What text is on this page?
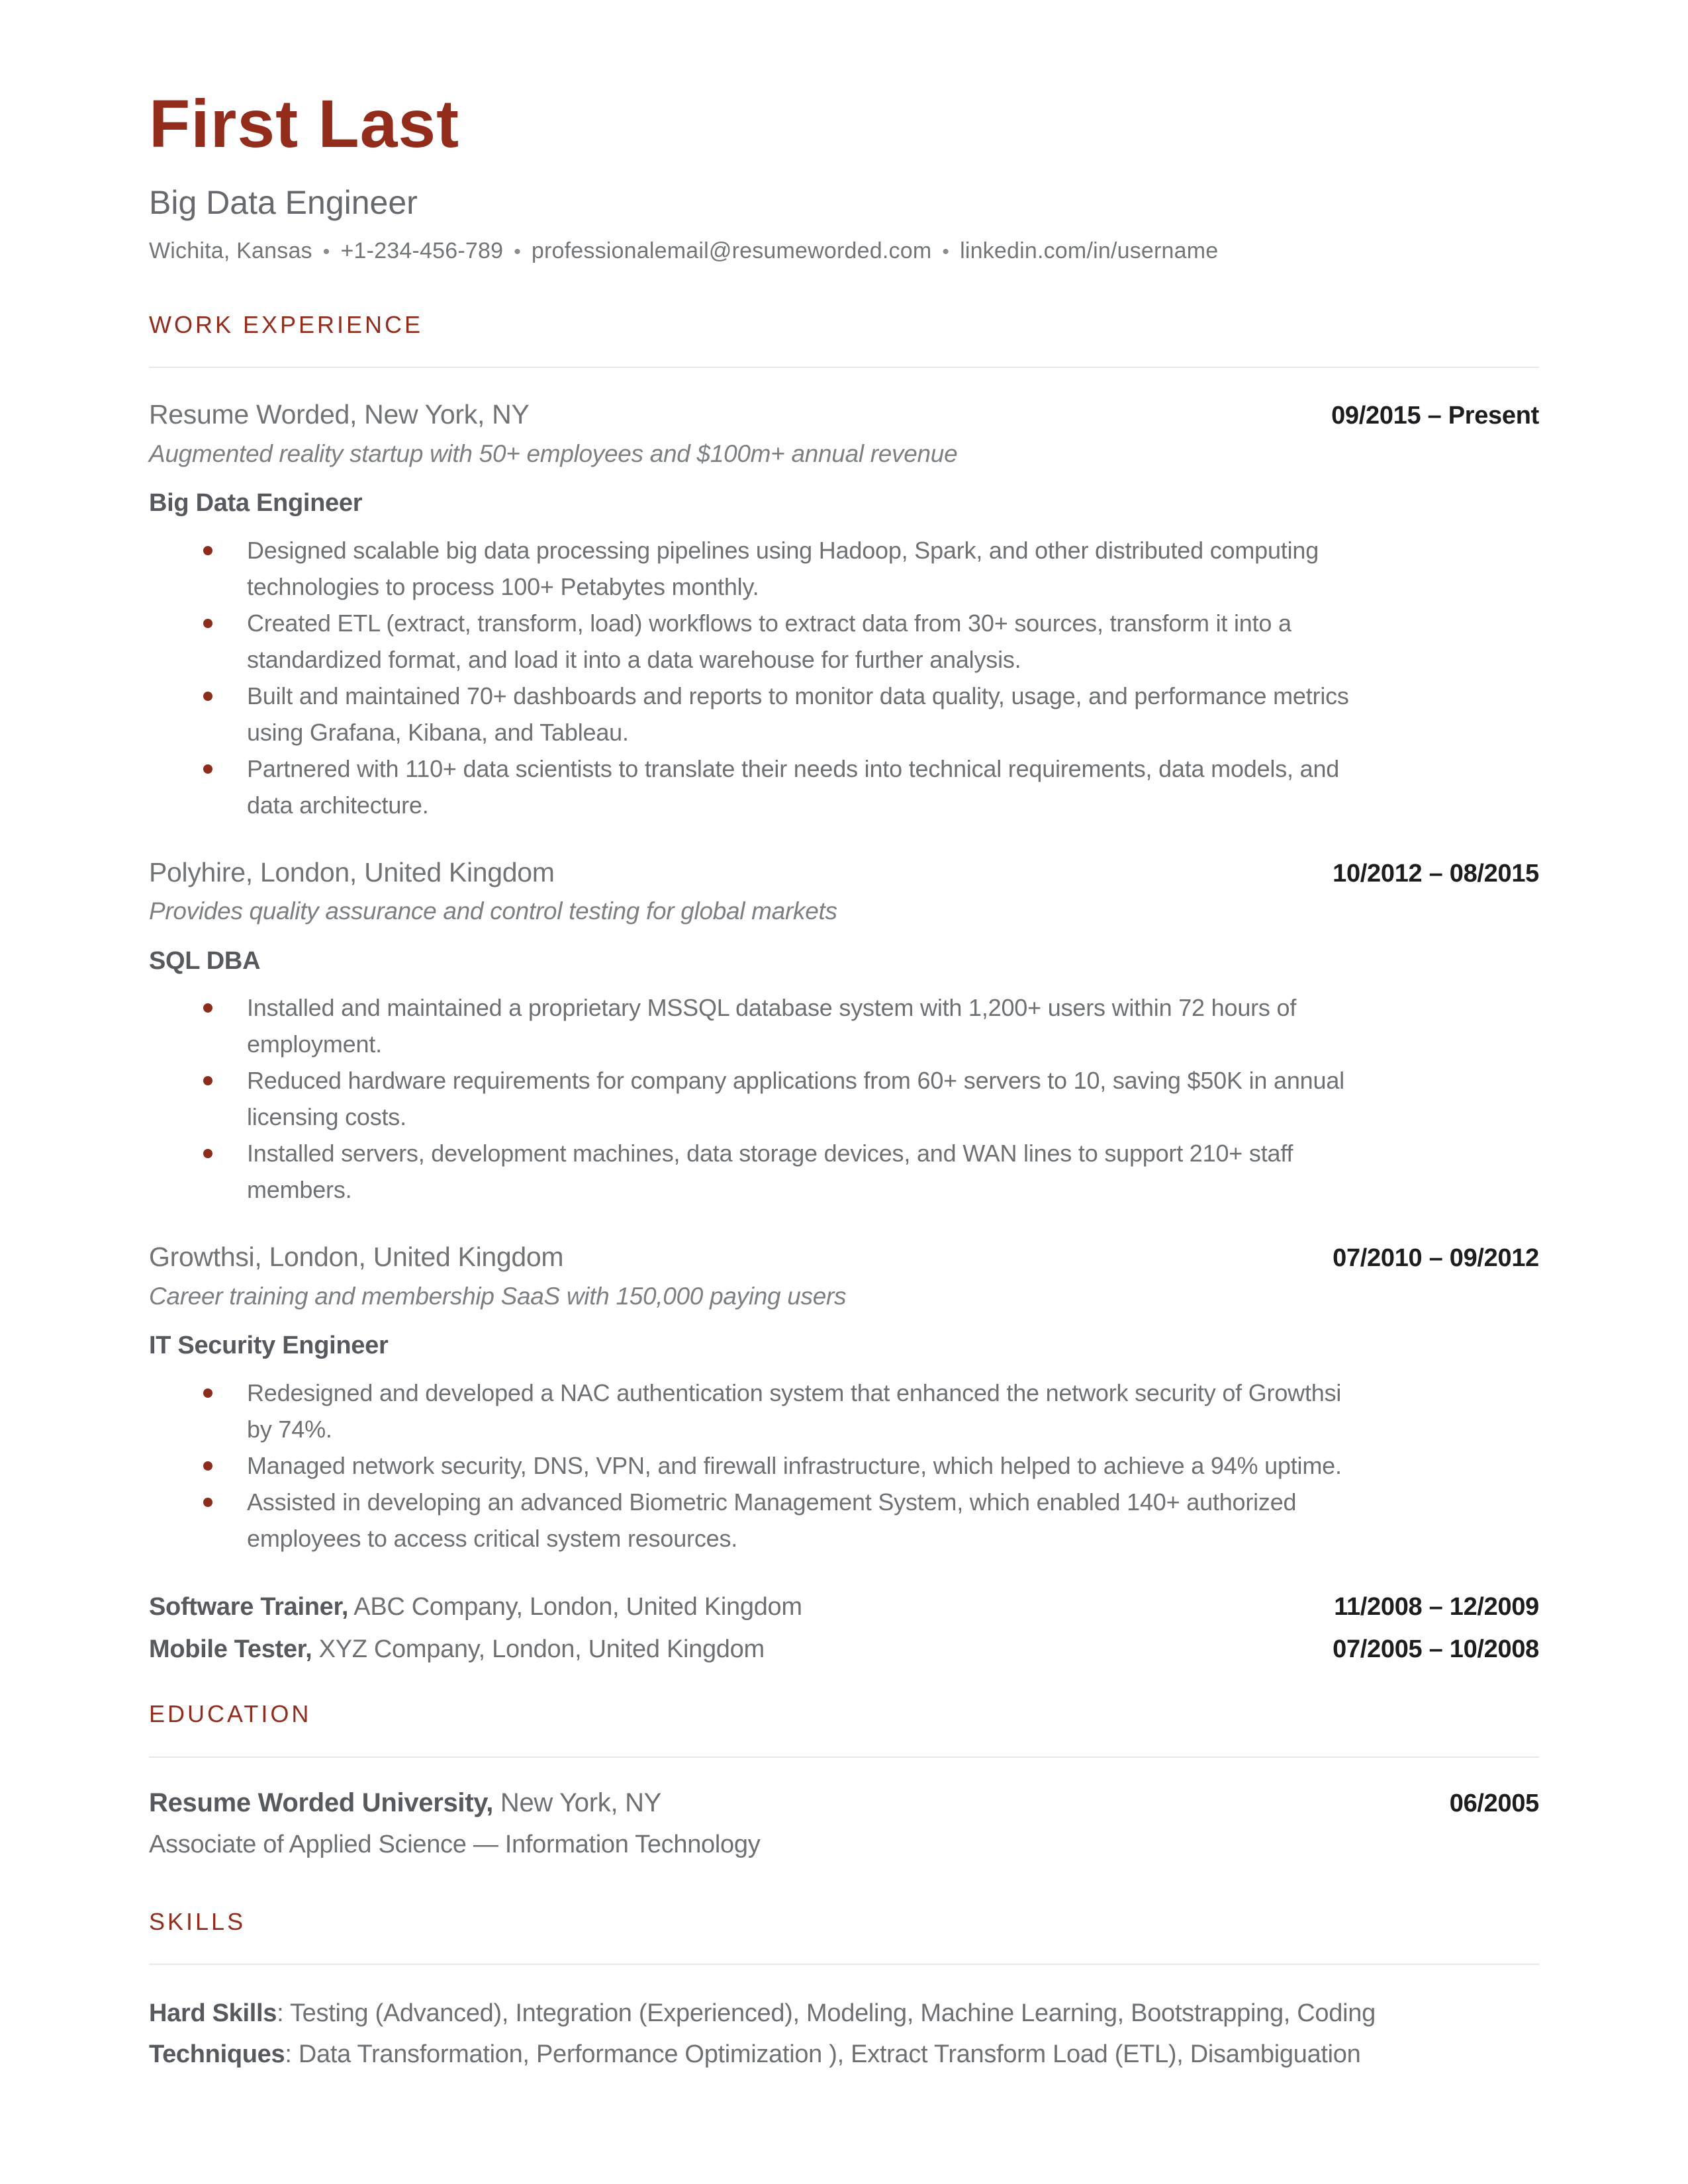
First Last
Big Data Engineer
Wichita, Kansas • +1-234-456-789 • professionalemail@resumeworded.com • linkedin.com/in/username
WORK EXPERIENCE
Resume Worded, New York, NY	09/2015 – Present
Augmented reality startup with 50+ employees and $100m+ annual revenue
Big Data Engineer
Designed scalable big data processing pipelines using Hadoop, Spark, and other distributed computing
technologies to process 100+ Petabytes monthly.
Created ETL (extract, transform, load) workflows to extract data from 30+ sources, transform it into a
standardized format, and load it into a data warehouse for further analysis.
Built and maintained 70+ dashboards and reports to monitor data quality, usage, and performance metrics
using Grafana, Kibana, and Tableau.
Partnered with 110+ data scientists to translate their needs into technical requirements, data models, and
data architecture.
Polyhire, London, United Kingdom	10/2012 – 08/2015
Provides quality assurance and control testing for global markets
SQL DBA
Installed and maintained a proprietary MSSQL database system with 1,200+ users within 72 hours of
employment.
Reduced hardware requirements for company applications from 60+ servers to 10, saving $50K in annual
licensing costs.
Installed servers, development machines, data storage devices, and WAN lines to support 210+ staff
members.
Growthsi, London, United Kingdom	07/2010 – 09/2012
Career training and membership SaaS with 150,000 paying users
IT Security Engineer
Redesigned and developed a NAC authentication system that enhanced the network security of Growthsi
by 74%.
Managed network security, DNS, VPN, and firewall infrastructure, which helped to achieve a 94% uptime.
Assisted in developing an advanced Biometric Management System, which enabled 140+ authorized
employees to access critical system resources.
Software Trainer, ABC Company, London, United Kingdom	11/2008 – 12/2009
Mobile Tester, XYZ Company, London, United Kingdom	07/2005 – 10/2008
EDUCATION
Resume Worded University, New York, NY	06/2005
Associate of Applied Science — Information Technology
SKILLS
Hard Skills: Testing (Advanced), Integration (Experienced), Modeling, Machine Learning, Bootstrapping, Coding
Techniques: Data Transformation, Performance Optimization ), Extract Transform Load (ETL), Disambiguation
